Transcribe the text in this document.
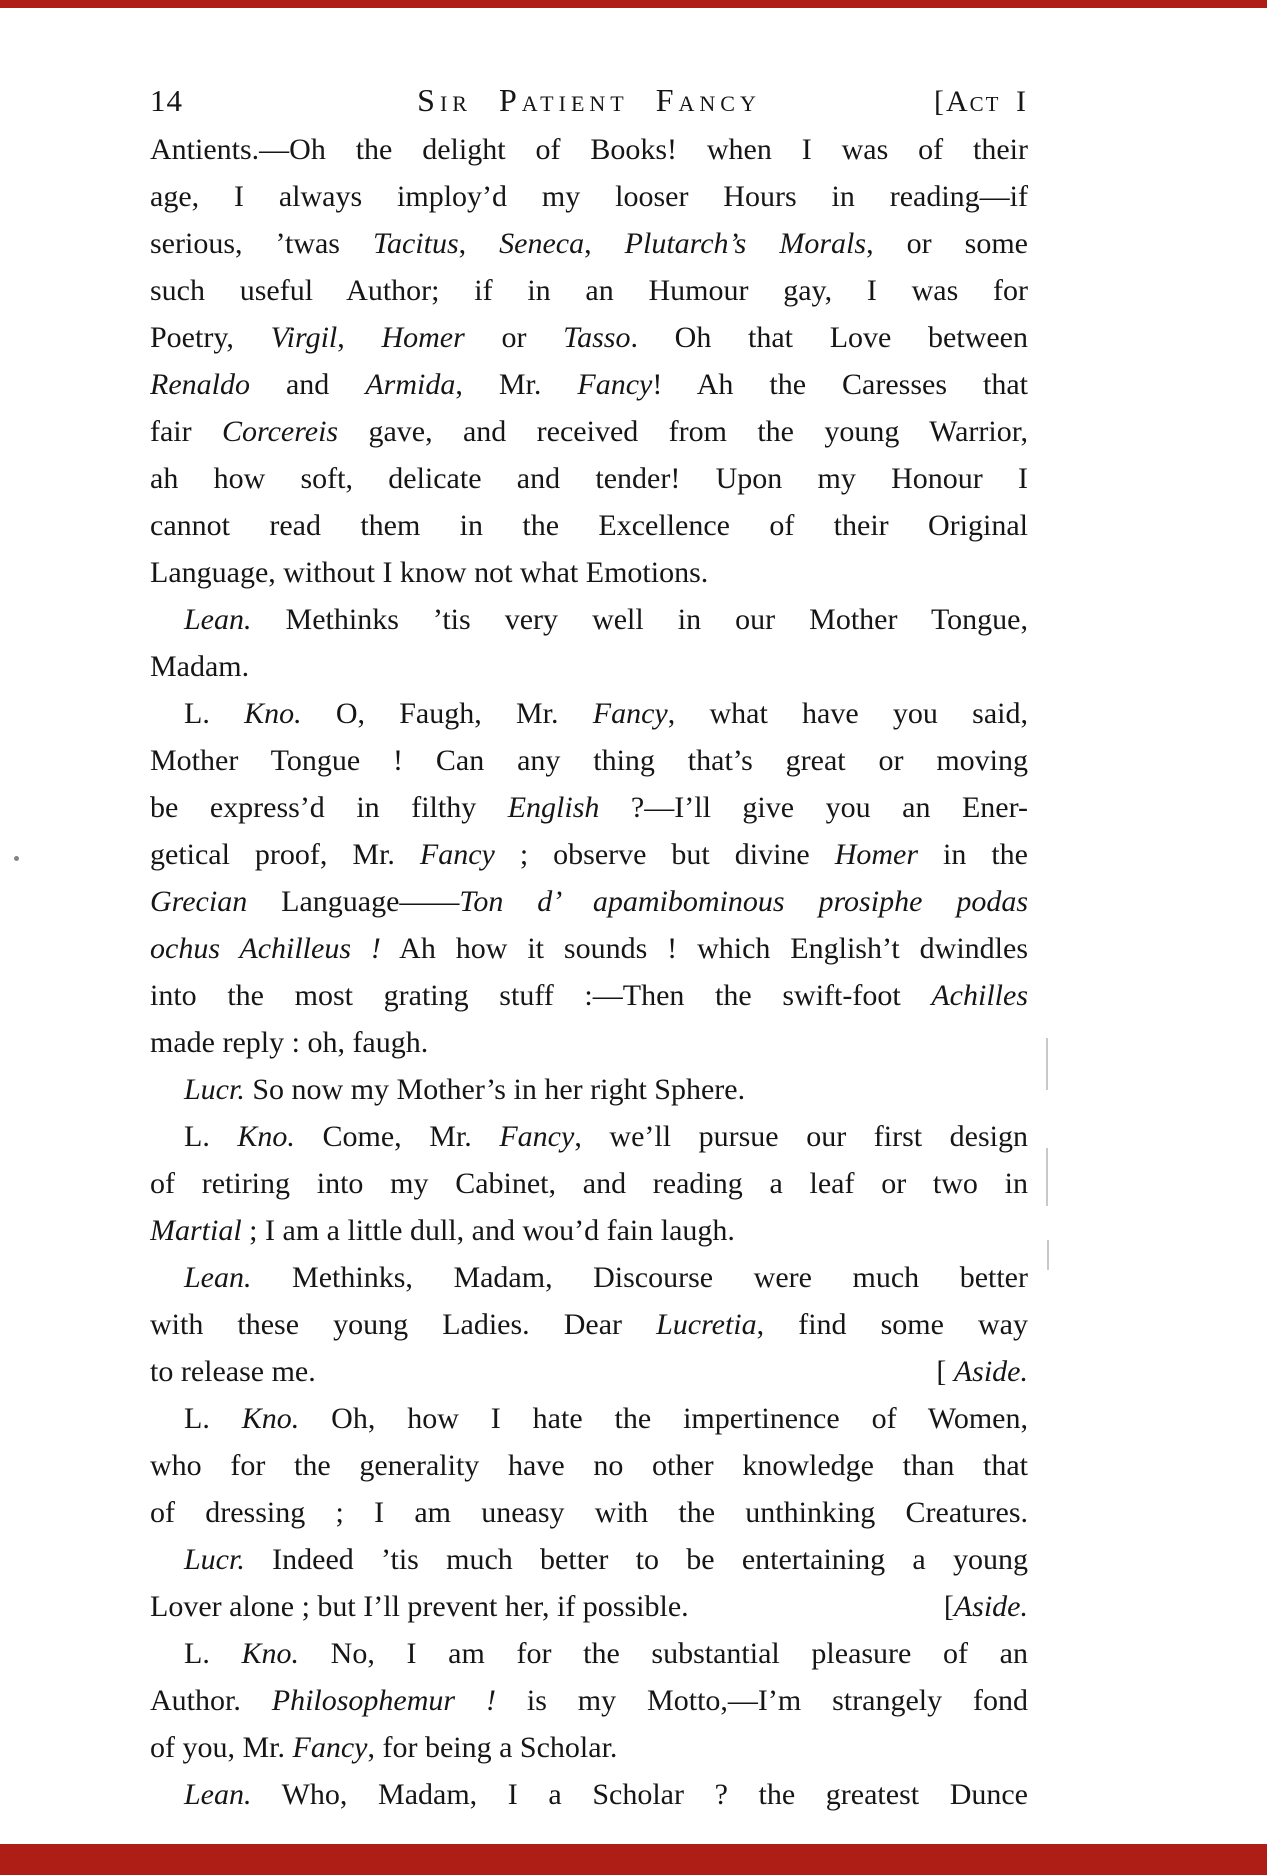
14	Sir Patient Fancy	[Act I
Antients.—Oh the delight of Books! when I was of their
age, I always imploy’d my looser Hours in reading—if
serious, ’twas Tacitus, Seneca, Plutarch’s Morals, or some
such useful Author; if in an Humour gay, I was for
Poetry, Virgil, Homer or Tasso. Oh that Love between
Renaldo and Armida, Mr. Fancy! Ah the Caresses that
fair Corcereis gave, and received from the young Warrior,
ah how soft, delicate and tender! Upon my Honour I
cannot read them in the Excellence of their Original
Language, without I know not what Emotions.
Lean. Methinks ’tis very well in our Mother Tongue,
Madam.
L. Kno. O, Faugh, Mr. Fancy, what have you said,
Mother Tongue ! Can any thing that’s great or moving
be express’d in filthy English ?—I’ll give you an Ener-
getical proof, Mr. Fancy ; observe but divine Homer in the
Grecian Language——Ton d’ apamibominous prosiphe podas
ochus Achilleus ! Ah how it sounds ! which English’t dwindles
into the most grating stuff :—Then the swift-foot Achilles
made reply : oh, faugh.
Lucr. So now my Mother’s in her right Sphere.
L. Kno. Come, Mr. Fancy, we’ll pursue our first design
of retiring into my Cabinet, and reading a leaf or two in
Martial ; I am a little dull, and wou’d fain laugh.
Lean. Methinks, Madam, Discourse were much better
with these young Ladies. Dear Lucretia, find some way
to release me.	[ Aside.
L. Kno. Oh, how I hate the impertinence of Women,
who for the generality have no other knowledge than that
of dressing ; I am uneasy with the unthinking Creatures.
Lucr. Indeed ’tis much better to be entertaining a young
Lover alone ; but I’ll prevent her, if possible.	[Aside.
L. Kno. No, I am for the substantial pleasure of an
Author. Philosophemur ! is my Motto,—I’m strangely fond
of you, Mr. Fancy, for being a Scholar.
Lean. Who, Madam, I a Scholar ? the greatest Dunce
